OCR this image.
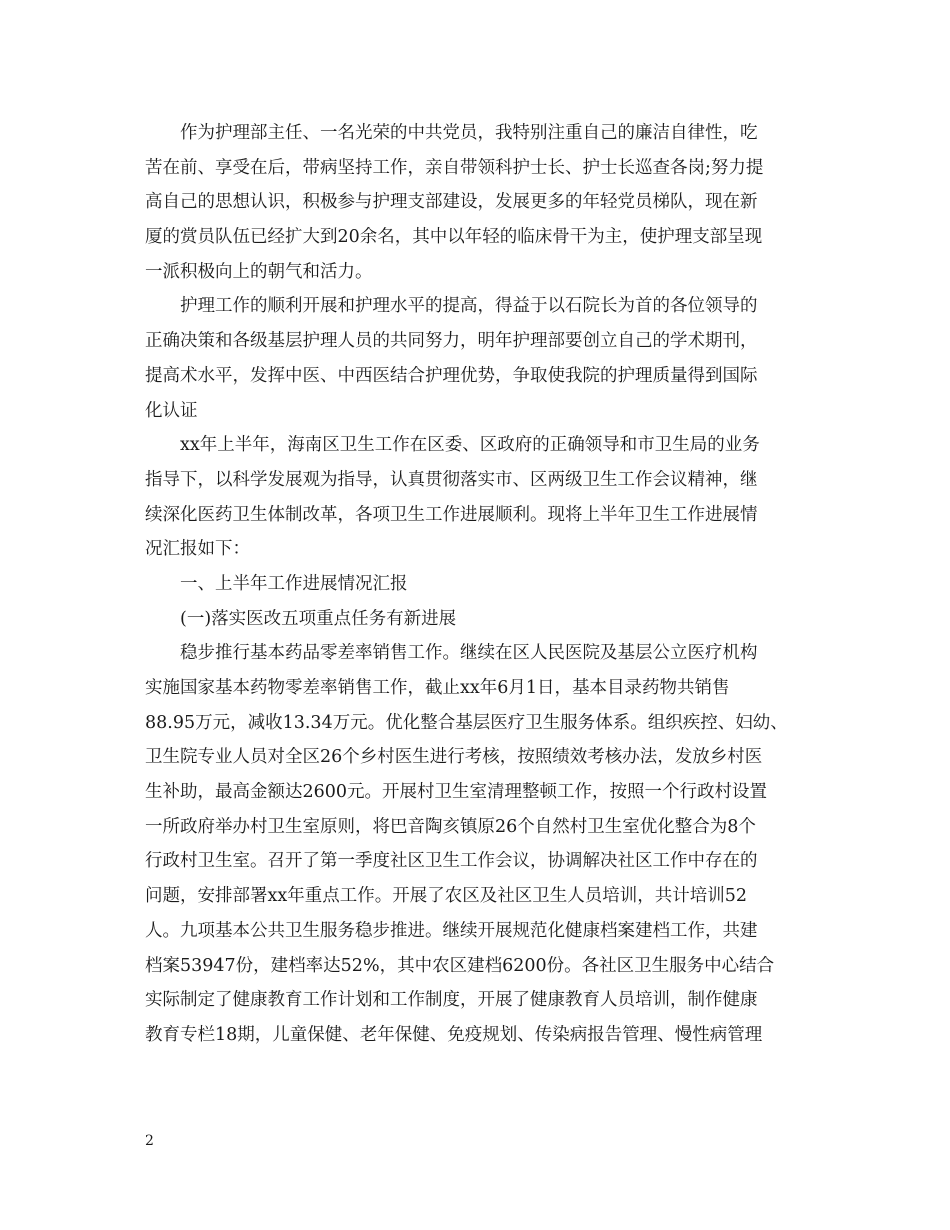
作为护理部主任、一名光荣的中共党员，我特别注重自己的廉洁自律性，吃
苦在前、享受在后，带病坚持工作，亲自带领科护士长、护士长巡查各岗;努力提
高自己的思想认识，积极参与护理支部建设，发展更多的年轻党员梯队，现在新
厦的赏员队伍已经扩大到20余名，其中以年轻的临床骨干为主，使护理支部呈现
一派积极向上的朝气和活力。
护理工作的顺利开展和护理水平的提高，得益于以石院长为首的各位领导的
正确决策和各级基层护理人员的共同努力，明年护理部要创立自己的学术期刊，
提高术水平，发挥中医、中西医结合护理优势，争取使我院的护理质量得到国际
化认证
xx年上半年，海南区卫生工作在区委、区政府的正确领导和市卫生局的业务
指导下，以科学发展观为指导，认真贯彻落实市、区两级卫生工作会议精神，继
续深化医药卫生体制改革，各项卫生工作进展顺利。现将上半年卫生工作进展情
况汇报如下：
一、上半年工作进展情况汇报
(一)落实医改五项重点任务有新进展
稳步推行基本药品零差率销售工作。继续在区人民医院及基层公立医疗机构
实施国家基本药物零差率销售工作，截止xx年6月1日，基本目录药物共销售
88.95万元，减收13.34万元。优化整合基层医疗卫生服务体系。组织疾控、妇幼、
卫生院专业人员对全区26个乡村医生进行考核，按照绩效考核办法，发放乡村医
生补助，最高金额达2600元。开展村卫生室清理整顿工作，按照一个行政村设置
一所政府举办村卫生室原则，将巴音陶亥镇原26个自然村卫生室优化整合为8个
行政村卫生室。召开了第一季度社区卫生工作会议，协调解决社区工作中存在的
问题，安排部署xx年重点工作。开展了农区及社区卫生人员培训，共计培训52
人。九项基本公共卫生服务稳步推进。继续开展规范化健康档案建档工作，共建
档案53947份，建档率达52%，其中农区建档6200份。各社区卫生服务中心结合
实际制定了健康教育工作计划和工作制度，开展了健康教育人员培训，制作健康
教育专栏18期，儿童保健、老年保健、免疫规划、传染病报告管理、慢性病管理
2
